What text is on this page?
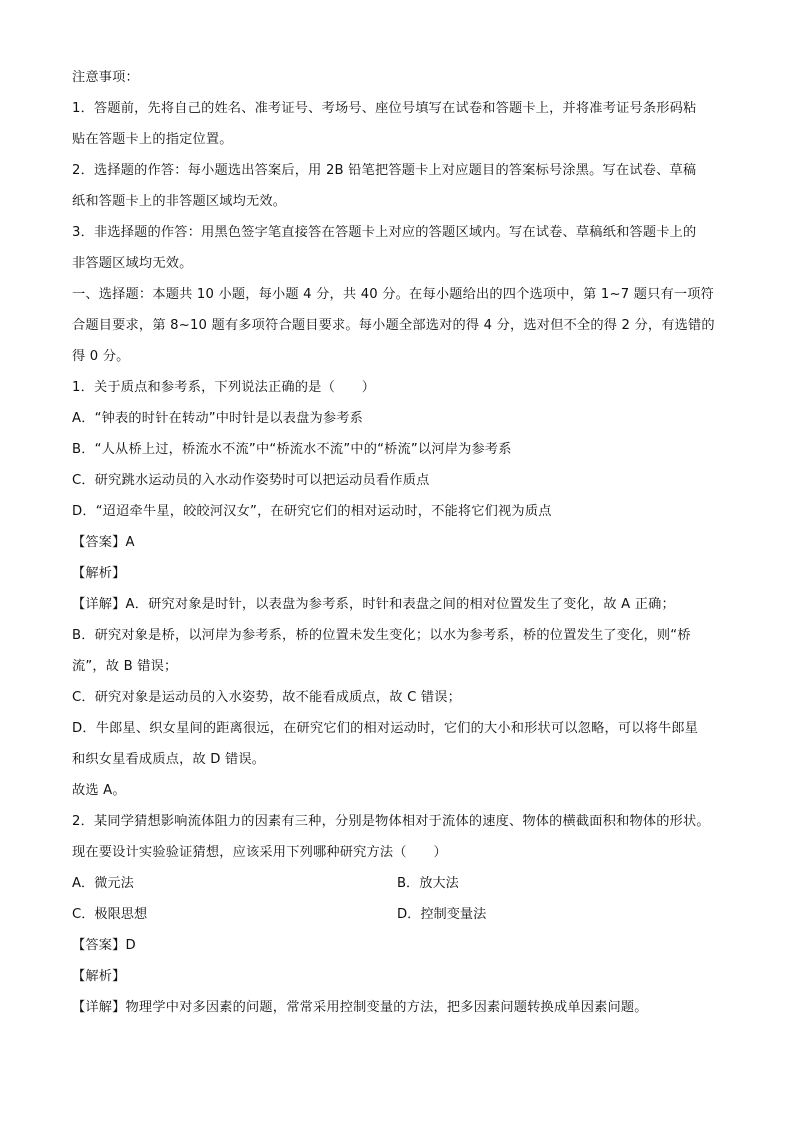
注意事项：
1．答题前，先将自己的姓名、准考证号、考场号、座位号填写在试卷和答题卡上，并将准考证号条形码粘
贴在答题卡上的指定位置。
2．选择题的作答：每小题选出答案后，用 2B 铅笔把答题卡上对应题目的答案标号涂黑。写在试卷、草稿
纸和答题卡上的非答题区域均无效。
3．非选择题的作答：用黑色签字笔直接答在答题卡上对应的答题区域内。写在试卷、草稿纸和答题卡上的
非答题区域均无效。
一、选择题：本题共 10 小题，每小题 4 分，共 40 分。在每小题给出的四个选项中，第 1~7 题只有一项符
合题目要求，第 8~10 题有多项符合题目要求。每小题全部选对的得 4 分，选对但不全的得 2 分，有选错的
得 0 分。
1．关于质点和参考系，下列说法正确的是（　　）
A．“钟表的时针在转动”中时针是以表盘为参考系
B．“人从桥上过，桥流水不流”中“桥流水不流”中的“桥流”以河岸为参考系
C．研究跳水运动员的入水动作姿势时可以把运动员看作质点
D．“迢迢牵牛星，皎皎河汉女”，在研究它们的相对运动时，不能将它们视为质点
【答案】A
【解析】
【详解】A．研究对象是时针，以表盘为参考系，时针和表盘之间的相对位置发生了变化，故 A 正确；
B．研究对象是桥，以河岸为参考系，桥的位置未发生变化；以水为参考系，桥的位置发生了变化，则“桥
流”，故 B 错误；
C．研究对象是运动员的入水姿势，故不能看成质点，故 C 错误；
D．牛郎星、织女星间的距离很远，在研究它们的相对运动时，它们的大小和形状可以忽略，可以将牛郎星
和织女星看成质点，故 D 错误。
故选 A。
2．某同学猜想影响流体阻力的因素有三种，分别是物体相对于流体的速度、物体的横截面积和物体的形状。
现在要设计实验验证猜想，应该采用下列哪种研究方法（　　）
A．微元法	B．放大法
C．极限思想	D．控制变量法
【答案】D
【解析】
【详解】物理学中对多因素的问题，常常采用控制变量的方法，把多因素问题转换成单因素问题。
